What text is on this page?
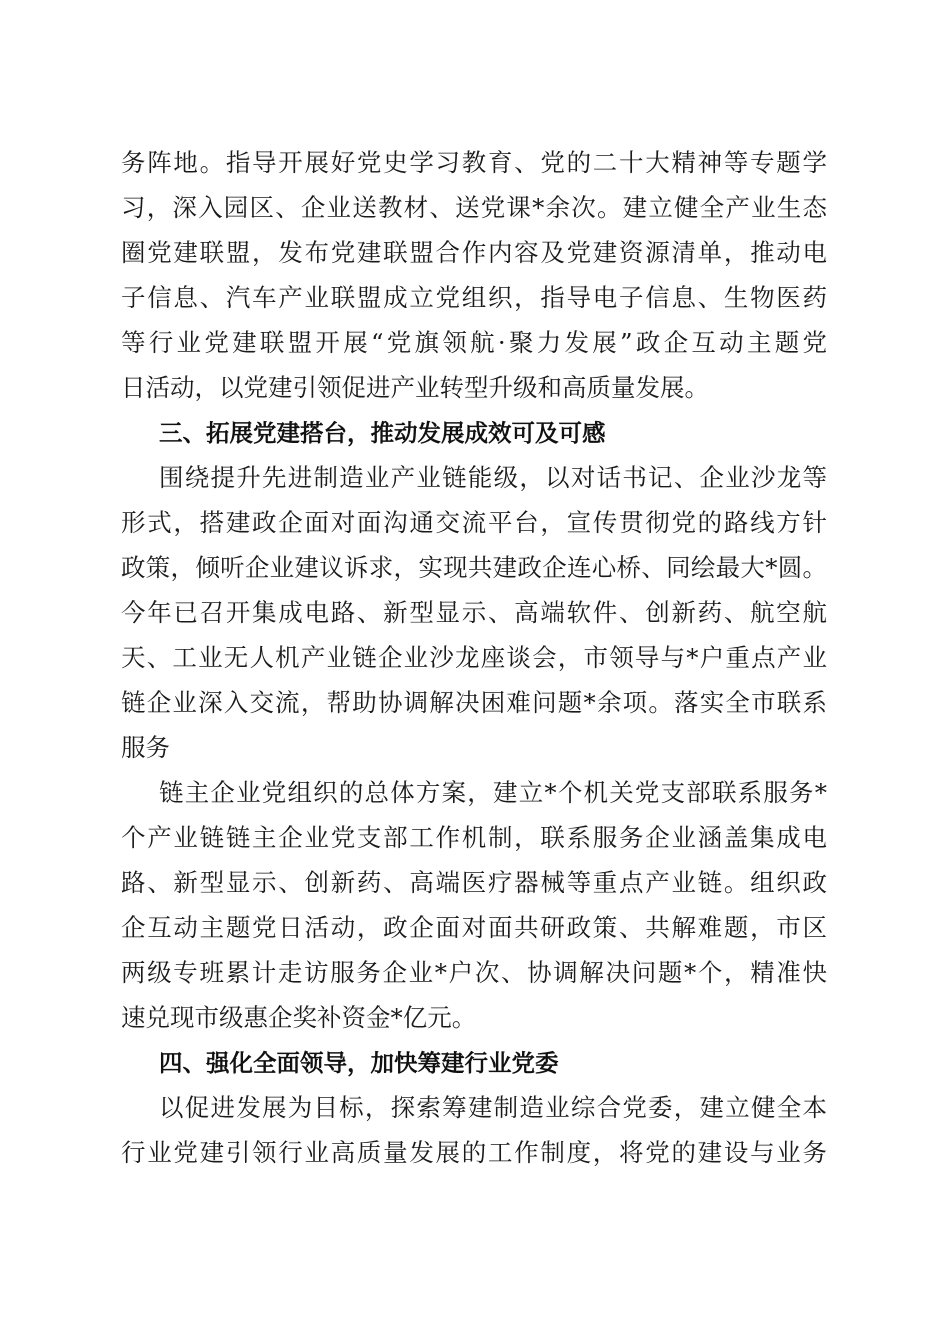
务阵地。指导开展好党史学习教育、党的二十大精神等专题学
习，深入园区、企业送教材、送党课*余次。建立健全产业生态
圈党建联盟，发布党建联盟合作内容及党建资源清单，推动电
子信息、汽车产业联盟成立党组织，指导电子信息、生物医药
等行业党建联盟开展“党旗领航·聚力发展”政企互动主题党
日活动，以党建引领促进产业转型升级和高质量发展。
三、拓展党建搭台，推动发展成效可及可感
围绕提升先进制造业产业链能级，以对话书记、企业沙龙等
形式，搭建政企面对面沟通交流平台，宣传贯彻党的路线方针
政策，倾听企业建议诉求，实现共建政企连心桥、同绘最大*圆。
今年已召开集成电路、新型显示、高端软件、创新药、航空航
天、工业无人机产业链企业沙龙座谈会，市领导与*户重点产业
链企业深入交流，帮助协调解决困难问题*余项。落实全市联系
服务
链主企业党组织的总体方案，建立*个机关党支部联系服务*
个产业链链主企业党支部工作机制，联系服务企业涵盖集成电
路、新型显示、创新药、高端医疗器械等重点产业链。组织政
企互动主题党日活动，政企面对面共研政策、共解难题，市区
两级专班累计走访服务企业*户次、协调解决问题*个，精准快
速兑现市级惠企奖补资金*亿元。
四、强化全面领导，加快筹建行业党委
以促进发展为目标，探索筹建制造业综合党委，建立健全本
行业党建引领行业高质量发展的工作制度，将党的建设与业务
